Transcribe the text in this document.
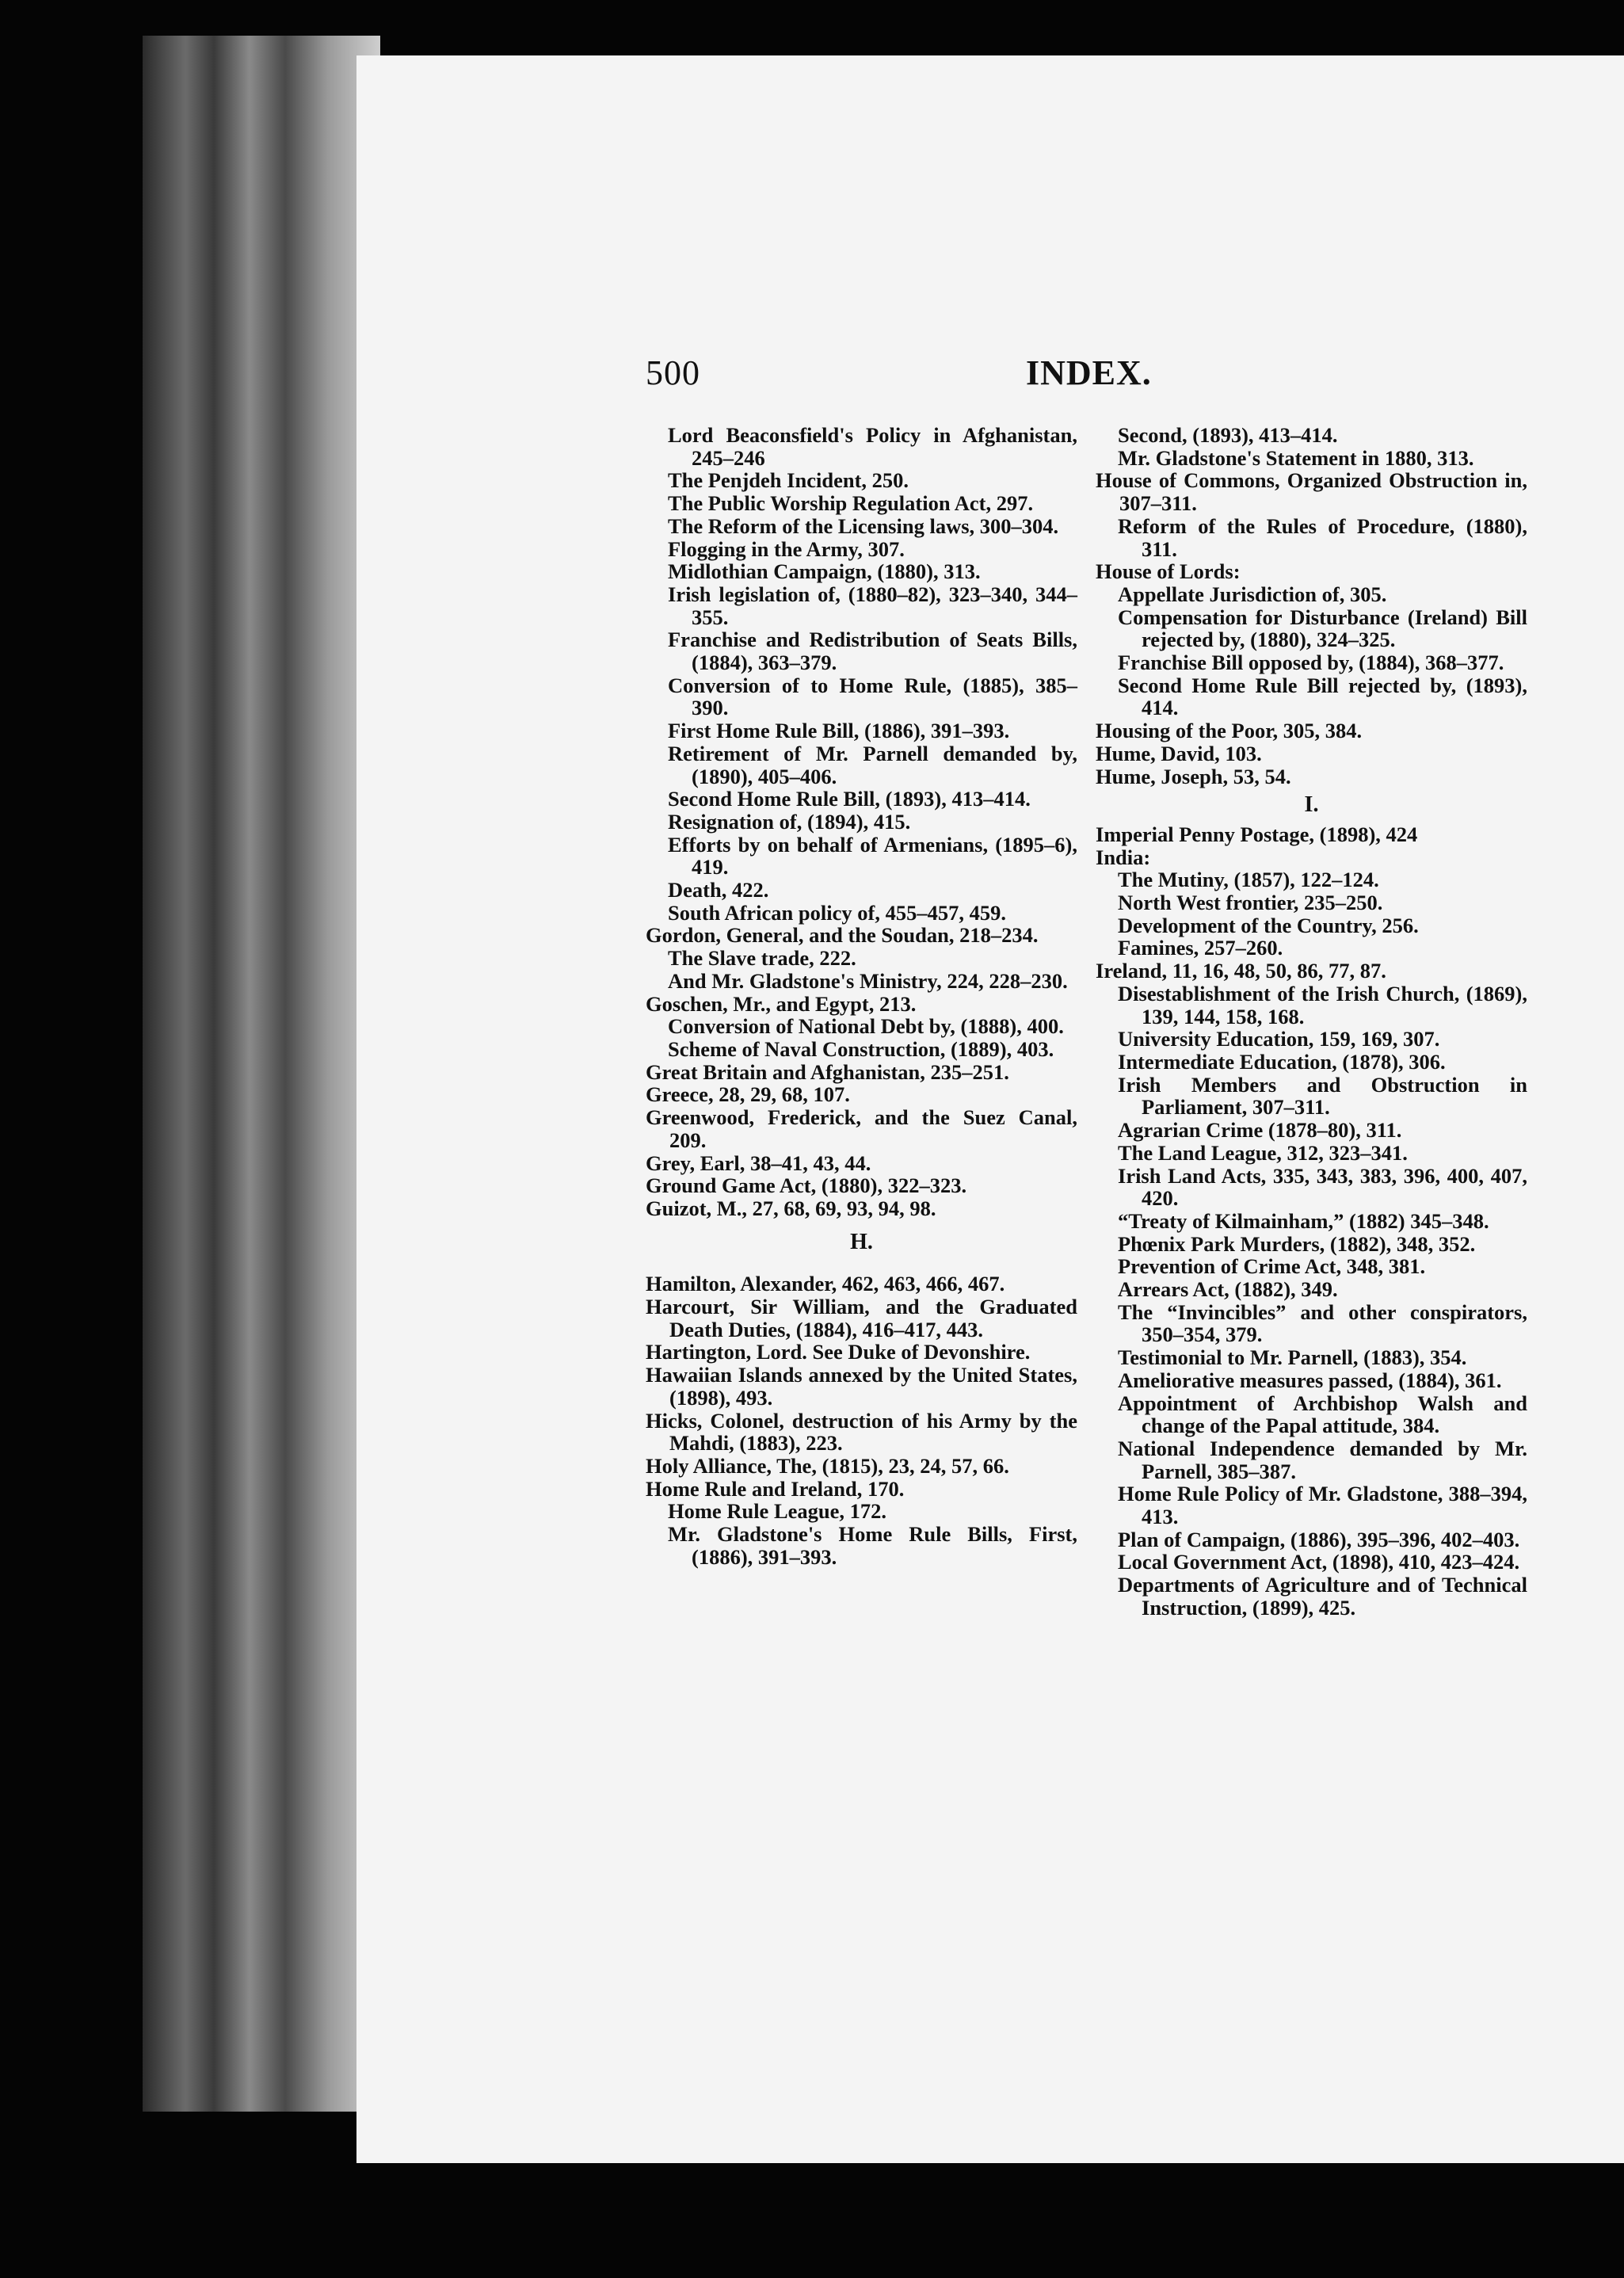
500	INDEX.
Lord Beaconsfield's Policy in Afghanistan, 245–246
The Penjdeh Incident, 250.
The Public Worship Regulation Act, 297.
The Reform of the Licensing laws, 300–304.
Flogging in the Army, 307.
Midlothian Campaign, (1880), 313.
Irish legislation of, (1880–82), 323–340, 344–355.
Franchise and Redistribution of Seats Bills, (1884), 363–379.
Conversion of to Home Rule, (1885), 385–390.
First Home Rule Bill, (1886), 391–393.
Retirement of Mr. Parnell demanded by, (1890), 405–406.
Second Home Rule Bill, (1893), 413–414.
Resignation of, (1894), 415.
Efforts by on behalf of Armenians, (1895–6), 419.
Death, 422.
South African policy of, 455–457, 459.
Gordon, General, and the Soudan, 218–234.
The Slave trade, 222.
And Mr. Gladstone's Ministry, 224, 228–230.
Goschen, Mr., and Egypt, 213.
Conversion of National Debt by, (1888), 400.
Scheme of Naval Construction, (1889), 403.
Great Britain and Afghanistan, 235–251.
Greece, 28, 29, 68, 107.
Greenwood, Frederick, and the Suez Canal, 209.
Grey, Earl, 38–41, 43, 44.
Ground Game Act, (1880), 322–323.
Guizot, M., 27, 68, 69, 93, 94, 98.
H.
Hamilton, Alexander, 462, 463, 466, 467.
Harcourt, Sir William, and the Graduated Death Duties, (1884), 416–417, 443.
Hartington, Lord. See Duke of Devonshire.
Hawaiian Islands annexed by the United States, (1898), 493.
Hicks, Colonel, destruction of his Army by the Mahdi, (1883), 223.
Holy Alliance, The, (1815), 23, 24, 57, 66.
Home Rule and Ireland, 170.
Home Rule League, 172.
Mr. Gladstone's Home Rule Bills, First, (1886), 391–393.
Second, (1893), 413–414.
Mr. Gladstone's Statement in 1880, 313.
House of Commons, Organized Obstruction in, 307–311.
Reform of the Rules of Procedure, (1880), 311.
House of Lords:
Appellate Jurisdiction of, 305.
Compensation for Disturbance (Ireland) Bill rejected by, (1880), 324–325.
Franchise Bill opposed by, (1884), 368–377.
Second Home Rule Bill rejected by, (1893), 414.
Housing of the Poor, 305, 384.
Hume, David, 103.
Hume, Joseph, 53, 54.
I.
Imperial Penny Postage, (1898), 424
India:
The Mutiny, (1857), 122–124.
North West frontier, 235–250.
Development of the Country, 256.
Famines, 257–260.
Ireland, 11, 16, 48, 50, 86, 77, 87.
Disestablishment of the Irish Church, (1869), 139, 144, 158, 168.
University Education, 159, 169, 307.
Intermediate Education, (1878), 306.
Irish Members and Obstruction in Parliament, 307–311.
Agrarian Crime (1878–80), 311.
The Land League, 312, 323–341.
Irish Land Acts, 335, 343, 383, 396, 400, 407, 420.
“Treaty of Kilmainham,” (1882) 345–348.
Phœnix Park Murders, (1882), 348, 352.
Prevention of Crime Act, 348, 381.
Arrears Act, (1882), 349.
The “Invincibles” and other conspirators, 350–354, 379.
Testimonial to Mr. Parnell, (1883), 354.
Ameliorative measures passed, (1884), 361.
Appointment of Archbishop Walsh and change of the Papal attitude, 384.
National Independence demanded by Mr. Parnell, 385–387.
Home Rule Policy of Mr. Gladstone, 388–394, 413.
Plan of Campaign, (1886), 395–396, 402–403.
Local Government Act, (1898), 410, 423–424.
Departments of Agriculture and of Technical Instruction, (1899), 425.
